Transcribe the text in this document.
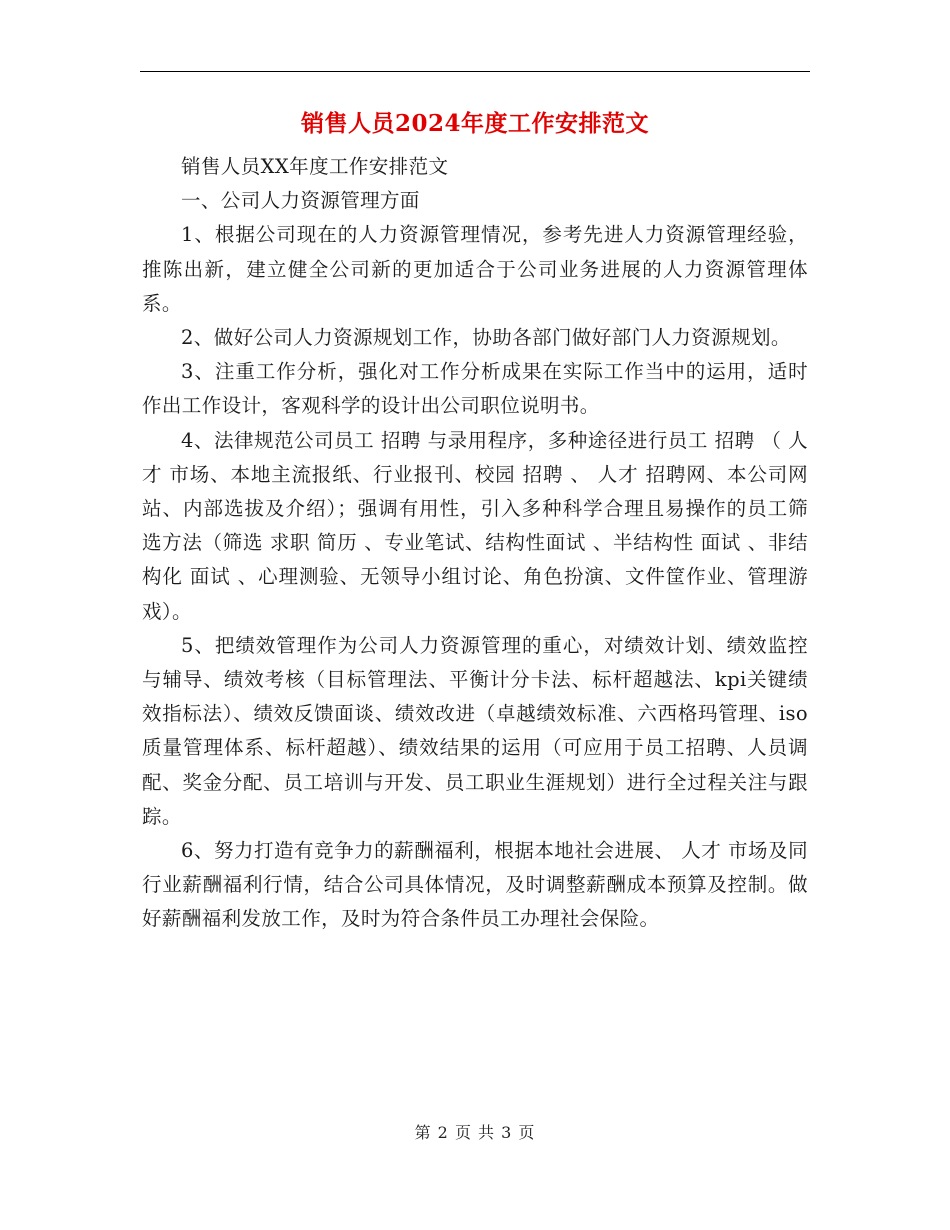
销售人员2024年度工作安排范文

销售人员XX年度工作安排范文

一、公司人力资源管理方面

1、根据公司现在的人力资源管理情况，参考先进人力资源管理经验，推陈出新，建立健全公司新的更加适合于公司业务进展的人力资源管理体系。

2、做好公司人力资源规划工作，协助各部门做好部门人力资源规划。

3、注重工作分析，强化对工作分析成果在实际工作当中的运用，适时作出工作设计，客观科学的设计出公司职位说明书。

4、法律规范公司员工 招聘 与录用程序，多种途径进行员工 招聘 （ 人才 市场、本地主流报纸、行业报刊、校园 招聘 、 人才 招聘网、本公司网站、内部选拔及介绍）；强调有用性，引入多种科学合理且易操作的员工筛选方法（筛选 求职 简历 、专业笔试、结构性面试 、半结构性 面试 、非结构化 面试 、心理测验、无领导小组讨论、角色扮演、文件筐作业、管理游戏）。

5、把绩效管理作为公司人力资源管理的重心，对绩效计划、绩效监控与辅导、绩效考核（目标管理法、平衡计分卡法、标杆超越法、kpi关键绩效指标法）、绩效反馈面谈、绩效改进（卓越绩效标准、六西格玛管理、iso质量管理体系、标杆超越）、绩效结果的运用（可应用于员工招聘、人员调配、奖金分配、员工培训与开发、员工职业生涯规划）进行全过程关注与跟踪。

6、努力打造有竞争力的薪酬福利，根据本地社会进展、 人才 市场及同行业薪酬福利行情，结合公司具体情况，及时调整薪酬成本预算及控制。做好薪酬福利发放工作，及时为符合条件员工办理社会保险。

第 2 页 共 3 页
